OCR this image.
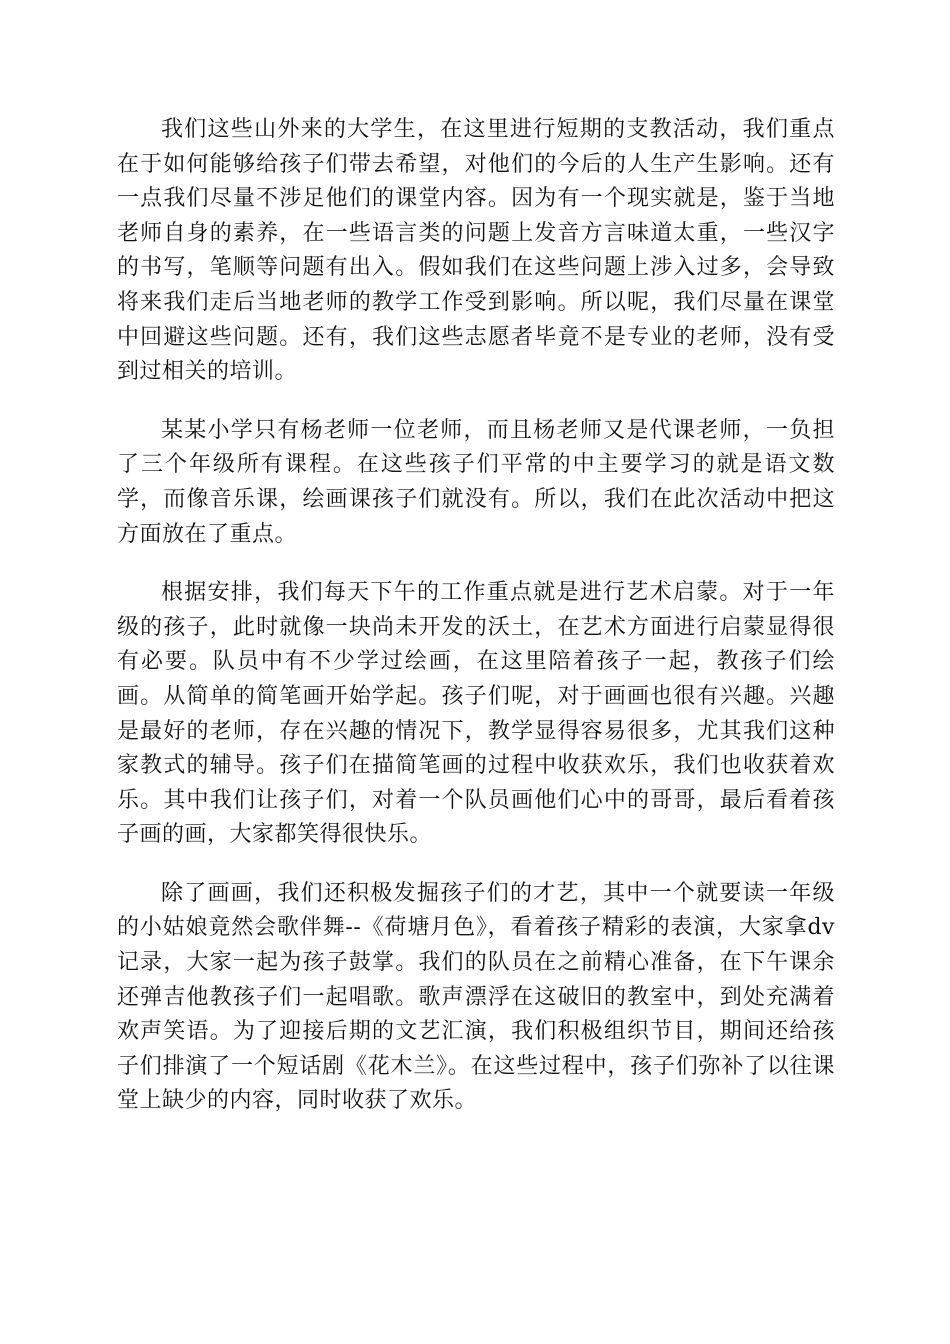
我们这些山外来的大学生，在这里进行短期的支教活动，我们重点在于如何能够给孩子们带去希望，对他们的今后的人生产生影响。还有一点我们尽量不涉足他们的课堂内容。因为有一个现实就是，鉴于当地老师自身的素养，在一些语言类的问题上发音方言味道太重，一些汉字的书写，笔顺等问题有出入。假如我们在这些问题上涉入过多，会导致将来我们走后当地老师的教学工作受到影响。所以呢，我们尽量在课堂中回避这些问题。还有，我们这些志愿者毕竟不是专业的老师，没有受到过相关的培训。

某某小学只有杨老师一位老师，而且杨老师又是代课老师，一负担了三个年级所有课程。在这些孩子们平常的中主要学习的就是语文数学，而像音乐课，绘画课孩子们就没有。所以，我们在此次活动中把这方面放在了重点。

根据安排，我们每天下午的工作重点就是进行艺术启蒙。对于一年级的孩子，此时就像一块尚未开发的沃土，在艺术方面进行启蒙显得很有必要。队员中有不少学过绘画，在这里陪着孩子一起，教孩子们绘画。从简单的简笔画开始学起。孩子们呢，对于画画也很有兴趣。兴趣是最好的老师，存在兴趣的情况下，教学显得容易很多，尤其我们这种家教式的辅导。孩子们在描简笔画的过程中收获欢乐，我们也收获着欢乐。其中我们让孩子们，对着一个队员画他们心中的哥哥，最后看着孩子画的画，大家都笑得很快乐。

除了画画，我们还积极发掘孩子们的才艺，其中一个就要读一年级的小姑娘竟然会歌伴舞--《荷塘月色》，看着孩子精彩的表演，大家拿dv记录，大家一起为孩子鼓掌。我们的队员在之前精心准备，在下午课余还弹吉他教孩子们一起唱歌。歌声漂浮在这破旧的教室中，到处充满着欢声笑语。为了迎接后期的文艺汇演，我们积极组织节目，期间还给孩子们排演了一个短话剧《花木兰》。在这些过程中，孩子们弥补了以往课堂上缺少的内容，同时收获了欢乐。
